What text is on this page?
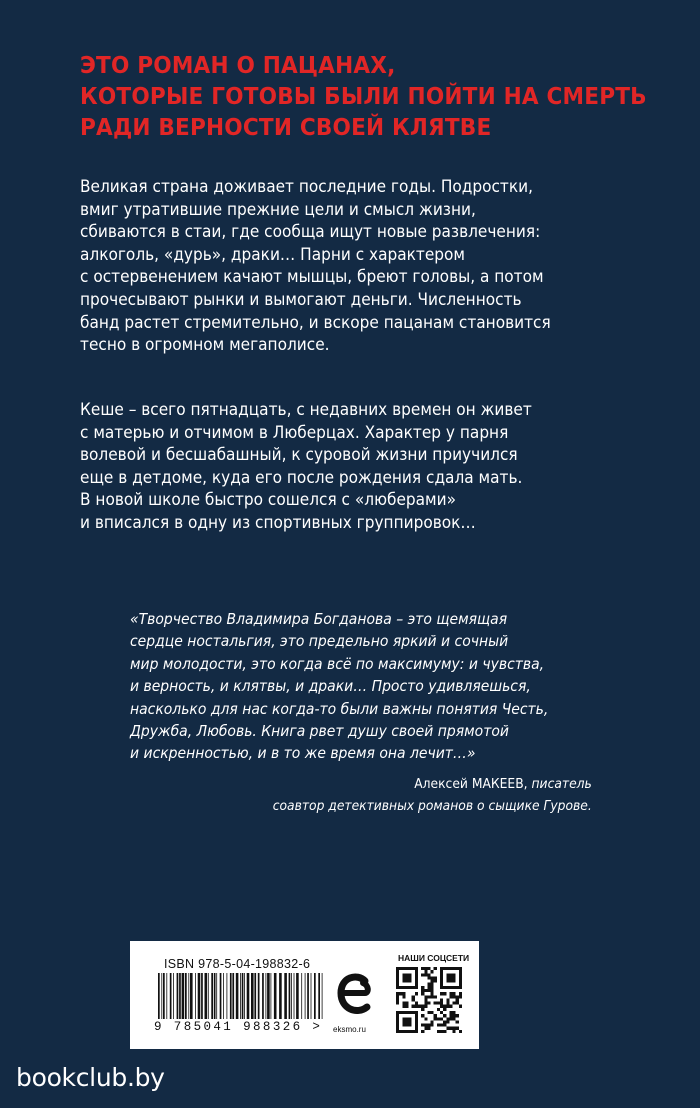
ЭТО РОМАН О ПАЦАНАХ,
КОТОРЫЕ ГОТОВЫ БЫЛИ ПОЙТИ НА СМЕРТЬ
РАДИ ВЕРНОСТИ СВОЕЙ КЛЯТВЕ
Великая страна доживает последние годы. Подростки,
вмиг утратившие прежние цели и смысл жизни,
сбиваются в стаи, где сообща ищут новые развлечения:
алкоголь, «дурь», драки… Парни с характером
с остервенением качают мышцы, бреют головы, а потом
прочесывают рынки и вымогают деньги. Численность
банд растет стремительно, и вскоре пацанам становится
тесно в огромном мегаполисе.
Кеше – всего пятнадцать, с недавних времен он живет
с матерью и отчимом в Люберцах. Характер у парня
волевой и бесшабашный, к суровой жизни приучился
еще в детдоме, куда его после рождения сдала мать.
В новой школе быстро сошелся с «люберами»
и вписался в одну из спортивных группировок…
«Творчество Владимира Богданова – это щемящая
сердце ностальгия, это предельно яркий и сочный
мир молодости, это когда всё по максимуму: и чувства,
и верность, и клятвы, и драки… Просто удивляешься,
насколько для нас когда-то были важны понятия Честь,
Дружба, Любовь. Книга рвет душу своей прямотой
и искренностью, и в то же время она лечит…»
Алексей МАКЕЕВ, писатель
соавтор детективных романов о сыщике Гурове.
ISBN 978-5-04-198832-6
9 785041 988326 >	eksmo.ru
НАШИ СОЦСЕТИ
bookclub.by
